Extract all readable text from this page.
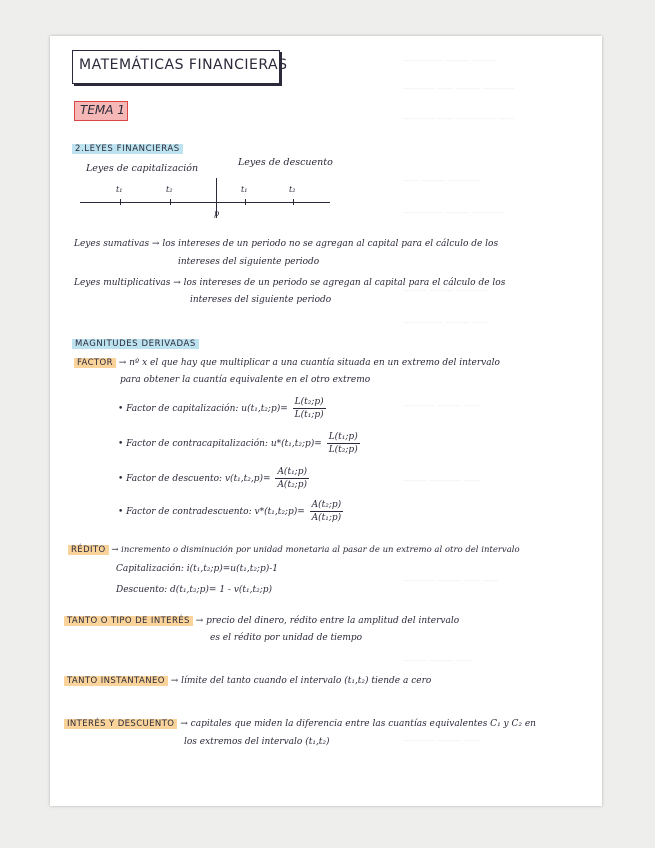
————— ——— ———
———— —— ——— ————
———— —— ————— ——
—— ——— ————
————— ——— ————
——— ——— ————
————— ——— ——
———— ——— ——
——— ———— ——
———— ——— —— ——
——— ——— ——
———— ——— ——
MATEMÁTICAS FINANCIERAS
TEMA 1
2.LEYES FINANCIERAS
Leyes de capitalización
Leyes de descuento
t₁	t₂	t₁	t₂
p
Leyes sumativas → los intereses de un periodo no se agregan al capital para el cálculo de los
intereses del siguiente periodo
Leyes multiplicativas → los intereses de un periodo se agregan al capital para el cálculo de los
intereses del siguiente periodo
MAGNITUDES DERIVADAS
FACTOR → nº x el que hay que multiplicar a una cuantía situada en un extremo del intervalo
para obtener la cuantía equivalente en el otro extremo
• Factor de capitalización: u(t₁,t₂;p)= $\frac{\text{L(t₂;p)}}{\text{L(t₁;p)}}$
• Factor de contracapitalización: u*(t₁,t₂;p)= $\frac{\text{L(t₁;p)}}{\text{L(t₂;p)}}$
• Factor de descuento: $v(t_1,t_2,p)= \frac{\text{A(t₁;p)}}{\text{A(t₂;p)}}$
• Factor de contradescuento: v*(t₁,t₂;p)= $\frac{\text{A(t₂;p)}}{\text{A(t₁;p)}}$
RÉDITO → incremento o disminución por unidad monetaria al pasar de un extremo al otro del intervalo
Capitalización: i(t₁,t₂;p)=u(t₁,t₂;p)-1
Descuento: d(t₁,t₂;p)= 1 - v(t₁,t₂;p)
TANTO O TIPO DE INTERÉS → precio del dinero, rédito entre la amplitud del intervalo
es el rédito por unidad de tiempo
TANTO INSTANTANEO → límite del tanto cuando el intervalo (t₁,t₂) tiende a cero
INTERÉS Y DESCUENTO → capitales que miden la diferencia entre las cuantías equivalentes C₁ y C₂ en
los extremos del intervalo (t₁,t₂)
